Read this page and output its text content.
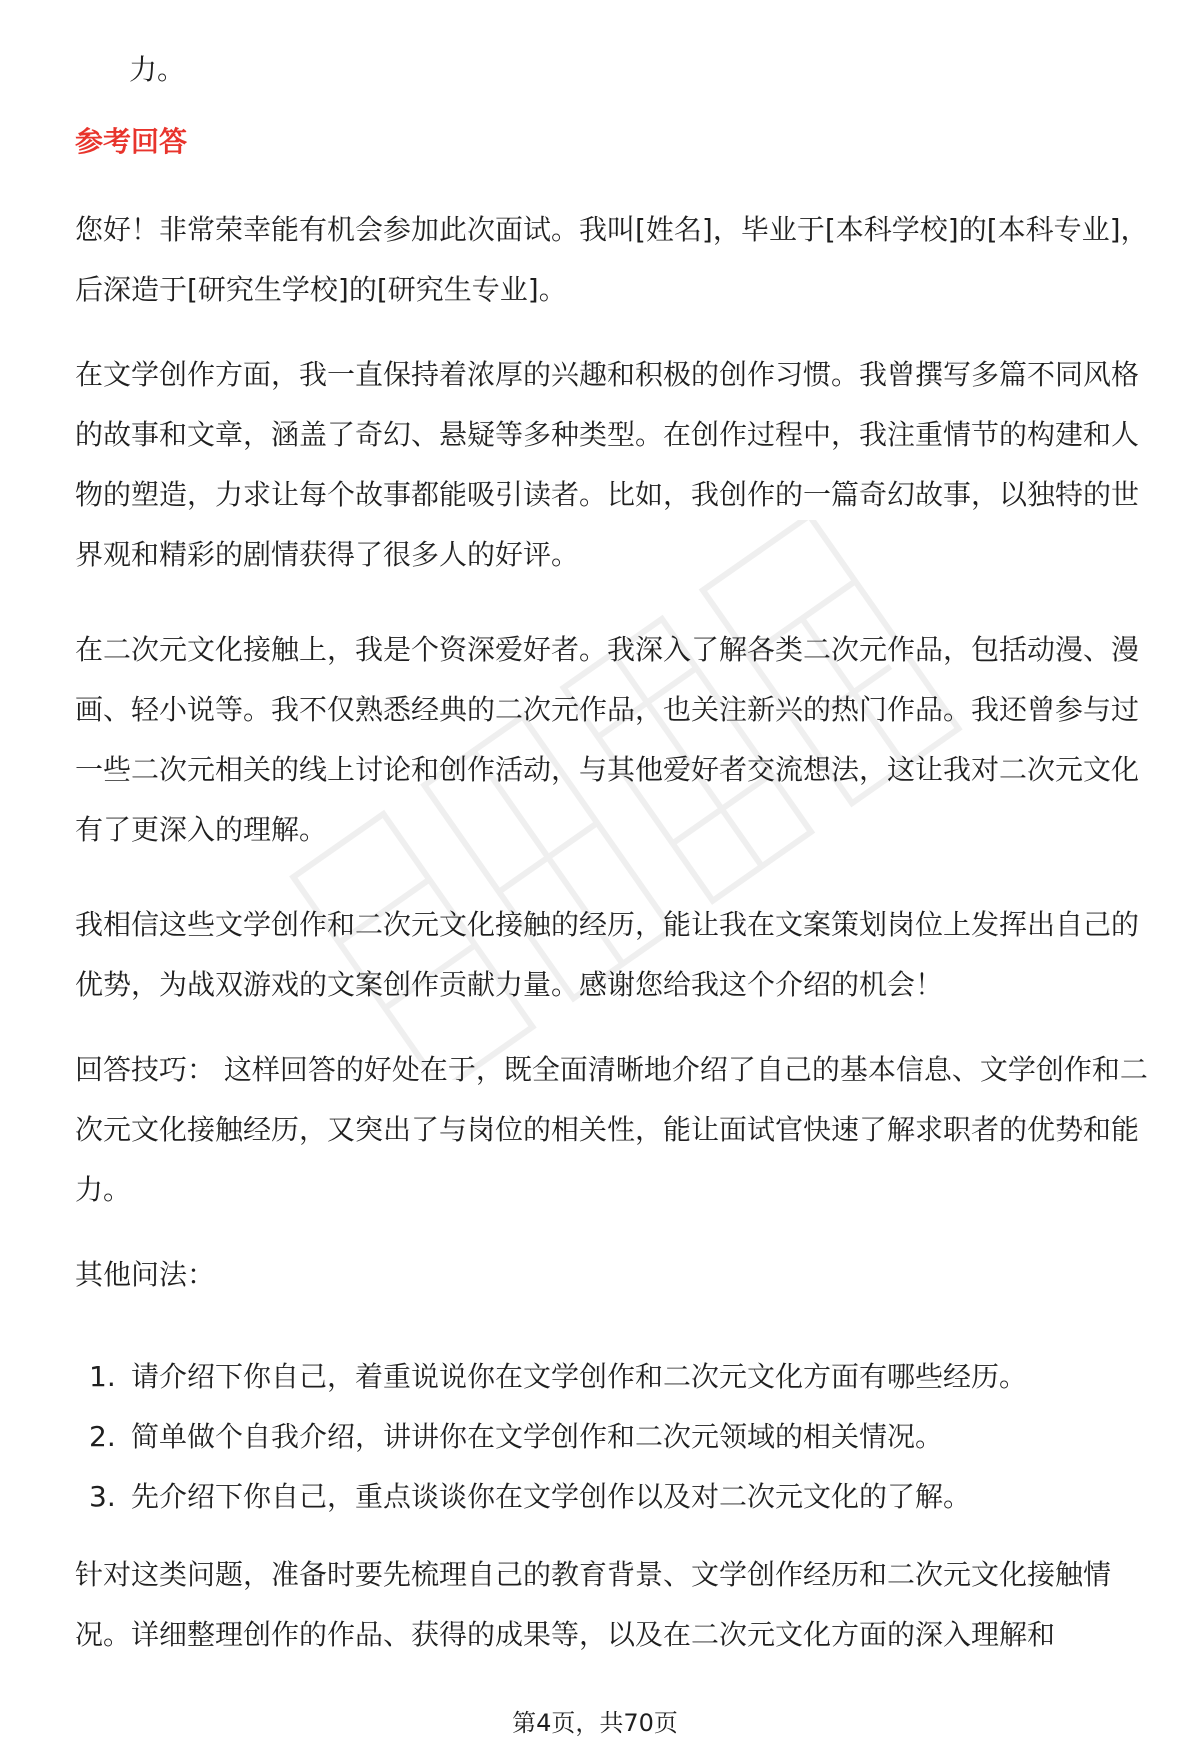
力。

参考回答

您好！非常荣幸能有机会参加此次面试。我叫[姓名]，毕业于[本科学校]的[本科专业]，后深造于[研究生学校]的[研究生专业]。

在文学创作方面，我一直保持着浓厚的兴趣和积极的创作习惯。我曾撰写多篇不同风格的故事和文章，涵盖了奇幻、悬疑等多种类型。在创作过程中，我注重情节的构建和人物的塑造，力求让每个故事都能吸引读者。比如，我创作的一篇奇幻故事，以独特的世界观和精彩的剧情获得了很多人的好评。

在二次元文化接触上，我是个资深爱好者。我深入了解各类二次元作品，包括动漫、漫画、轻小说等。我不仅熟悉经典的二次元作品，也关注新兴的热门作品。我还曾参与过一些二次元相关的线上讨论和创作活动，与其他爱好者交流想法，这让我对二次元文化有了更深入的理解。

我相信这些文学创作和二次元文化接触的经历，能让我在文案策划岗位上发挥出自己的优势，为战双游戏的文案创作贡献力量。感谢您给我这个介绍的机会！

回答技巧： 这样回答的好处在于，既全面清晰地介绍了自己的基本信息、文学创作和二次元文化接触经历，又突出了与岗位的相关性，能让面试官快速了解求职者的优势和能力。

其他问法：

1. 请介绍下你自己，着重说说你在文学创作和二次元文化方面有哪些经历。
2. 简单做个自我介绍，讲讲你在文学创作和二次元领域的相关情况。
3. 先介绍下你自己，重点谈谈你在文学创作以及对二次元文化的了解。

针对这类问题，准备时要先梳理自己的教育背景、文学创作经历和二次元文化接触情况。详细整理创作的作品、获得的成果等，以及在二次元文化方面的深入理解和

第4页，共70页
